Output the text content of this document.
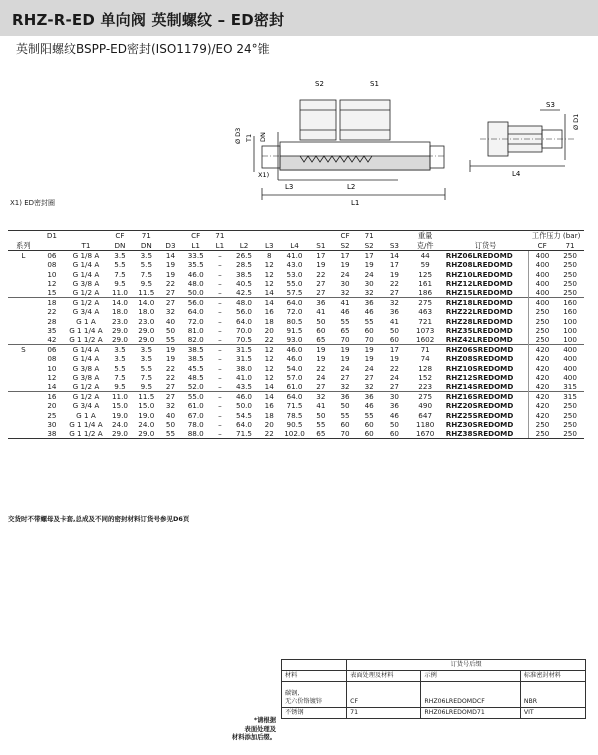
RHZ-R-ED 单向阀 英制螺纹 – ED密封
英制阳螺纹BSPP-ED密封(ISO1179)/EO 24°锥
S2	S1
Ø D3 T1 DN
X1)
L1
L2
L3
L4
S3
Ø D1
X1) ED密封圈
	D1		CF	71		CF	71					CF	71		重量		工作压力 (bar)	
系列		T1	DN	DN	D3	L1	L1	L2	L3	L4	S1	S2	S2	S3	克/件	订货号	CF	71
L	06	G 1/8 A	3.5	3.5	14	33.5	–	26.5	8	41.0	17	17	17	14	44	RHZ06LREDOMD	400	250
	08	G 1/4 A	5.5	5.5	19	35.5	–	28.5	12	43.0	19	19	19	17	59	RHZ08LREDOMD	400	250
	10	G 1/4 A	7.5	7.5	19	46.0	–	38.5	12	53.0	22	24	24	19	125	RHZ10LREDOMD	400	250
	12	G 3/8 A	9.5	9.5	22	48.0	–	40.5	12	55.0	27	30	30	22	161	RHZ12LREDOMD	400	250
	15	G 1/2 A	11.0	11.5	27	50.0	–	42.5	14	57.5	27	32	32	27	186	RHZ15LREDOMD	400	250
	18	G 1/2 A	14.0	14.0	27	56.0	–	48.0	14	64.0	36	41	36	32	275	RHZ18LREDOMD	400	160
	22	G 3/4 A	18.0	18.0	32	64.0	–	56.0	16	72.0	41	46	46	36	463	RHZ22LREDOMD	250	160
	28	G 1 A	23.0	23.0	40	72.0	–	64.0	18	80.5	50	55	55	41	721	RHZ28LREDOMD	250	100
	35	G 1 1/4 A	29.0	29.0	50	81.0	–	70.0	20	91.5	60	65	60	50	1073	RHZ35LREDOMD	250	100
	42	G 1 1/2 A	29.0	29.0	55	82.0	–	70.5	22	93.0	65	70	70	60	1602	RHZ42LREDOMD	250	100
S	06	G 1/4 A	3.5	3.5	19	38.5	–	31.5	12	46.0	19	19	19	17	71	RHZ06SREDOMD	420	400
	08	G 1/4 A	3.5	3.5	19	38.5	–	31.5	12	46.0	19	19	19	19	74	RHZ08SREDOMD	420	400
	10	G 3/8 A	5.5	5.5	22	45.5	–	38.0	12	54.0	22	24	24	22	128	RHZ10SREDOMD	420	400
	12	G 3/8 A	7.5	7.5	22	48.5	–	41.0	12	57.0	24	27	27	24	152	RHZ12SREDOMD	420	400
	14	G 1/2 A	9.5	9.5	27	52.0	–	43.5	14	61.0	27	32	32	27	223	RHZ14SREDOMD	420	315
	16	G 1/2 A	11.0	11.5	27	55.0	–	46.0	14	64.0	32	36	36	30	275	RHZ16SREDOMD	420	315
	20	G 3/4 A	15.0	15.0	32	61.0	–	50.0	16	71.5	41	50	46	36	490	RHZ20SREDOMD	420	250
	25	G 1 A	19.0	19.0	40	67.0	–	54.5	18	78.5	50	55	55	46	647	RHZ25SREDOMD	420	250
	30	G 1 1/4 A	24.0	24.0	50	78.0	–	64.0	20	90.5	55	60	60	50	1180	RHZ30SREDOMD	250	250
	38	G 1 1/2 A	29.0	29.0	55	88.0	–	71.5	22	102.0	65	70	60	60	1670	RHZ38SREDOMD	250	250
交货时不带螺母及卡套,总成及不同的密封材料订货号参见D6页
	订货号后缀		
材料	表面处理及材料	示例	标准密封材料
碳钢,
无六价铬镀锌	CF	RHZ06LREDOMDCF	NBR
不锈钢	71	RHZ06LREDOMD71	VIT
*请根据
表面处理及
材料添加后缀。
